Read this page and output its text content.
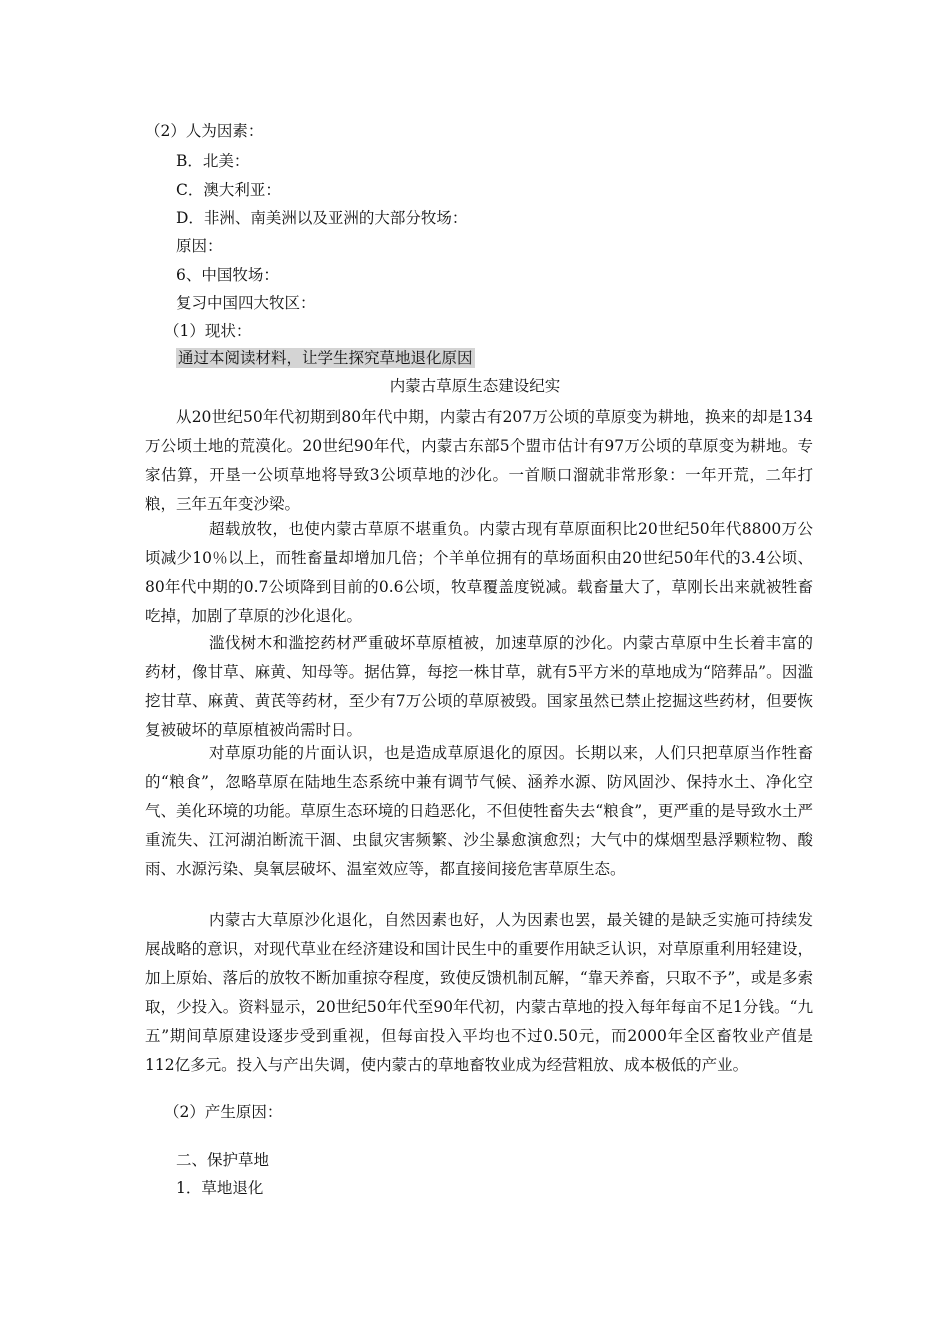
（2）人为因素：
B．北美：
C．澳大利亚：
D．非洲、南美洲以及亚洲的大部分牧场：
原因：
6、中国牧场：
复习中国四大牧区：
（1）现状：
通过本阅读材料，让学生探究草地退化原因
内蒙古草原生态建设纪实

从20世纪50年代初期到80年代中期，内蒙古有207万公顷的草原变为耕地，换来的却是134万公顷土地的荒漠化。20世纪90年代，内蒙古东部5个盟市估计有97万公顷的草原变为耕地。专家估算，开垦一公顷草地将导致3公顷草地的沙化。一首顺口溜就非常形象：一年开荒，二年打粮，三年五年变沙梁。

超载放牧，也使内蒙古草原不堪重负。内蒙古现有草原面积比20世纪50年代8800万公顷减少10％以上，而牲畜量却增加几倍；个羊单位拥有的草场面积由20世纪50年代的3.4公顷、80年代中期的0.7公顷降到目前的0.6公顷，牧草覆盖度锐减。载畜量大了，草刚长出来就被牲畜吃掉，加剧了草原的沙化退化。

滥伐树木和滥挖药材严重破坏草原植被，加速草原的沙化。内蒙古草原中生长着丰富的药材，像甘草、麻黄、知母等。据估算，每挖一株甘草，就有5平方米的草地成为“陪葬品”。因滥挖甘草、麻黄、黄芪等药材，至少有7万公顷的草原被毁。国家虽然已禁止挖掘这些药材，但要恢复被破坏的草原植被尚需时日。

对草原功能的片面认识，也是造成草原退化的原因。长期以来，人们只把草原当作牲畜的“粮食”，忽略草原在陆地生态系统中兼有调节气候、涵养水源、防风固沙、保持水土、净化空气、美化环境的功能。草原生态环境的日趋恶化，不但使牲畜失去“粮食”，更严重的是导致水土严重流失、江河湖泊断流干涸、虫鼠灾害频繁、沙尘暴愈演愈烈；大气中的煤烟型悬浮颗粒物、酸雨、水源污染、臭氧层破坏、温室效应等，都直接间接危害草原生态。

内蒙古大草原沙化退化，自然因素也好，人为因素也罢，最关键的是缺乏实施可持续发展战略的意识，对现代草业在经济建设和国计民生中的重要作用缺乏认识，对草原重利用轻建设，加上原始、落后的放牧不断加重掠夺程度，致使反馈机制瓦解，“靠天养畜，只取不予”，或是多索取，少投入。资料显示，20世纪50年代至90年代初，内蒙古草地的投入每年每亩不足1分钱。“九五”期间草原建设逐步受到重视，但每亩投入平均也不过0.50元，而2000年全区畜牧业产值是112亿多元。投入与产出失调，使内蒙古的草地畜牧业成为经营粗放、成本极低的产业。

（2）产生原因：
二、保护草地
1．草地退化
